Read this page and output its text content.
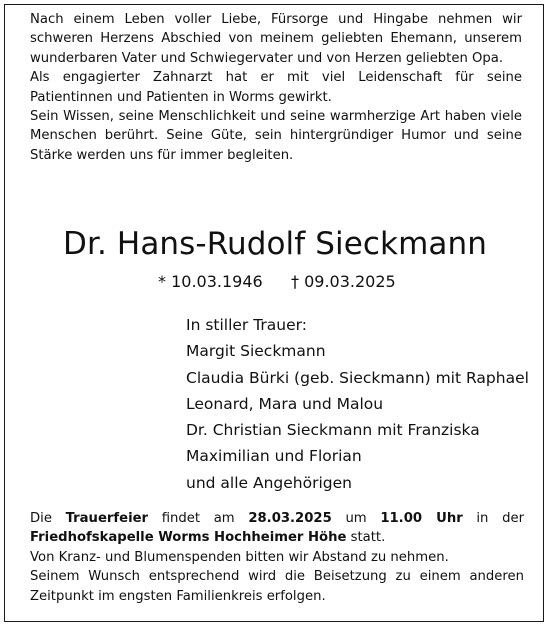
Nach einem Leben voller Liebe, Fürsorge und Hingabe nehmen wir schweren Herzens Abschied von meinem geliebten Ehemann, unserem wunderbaren Vater und Schwiegervater und von Herzen geliebten Opa.

Als engagierter Zahnarzt hat er mit viel Leidenschaft für seine Patientinnen und Patienten in Worms gewirkt.

Sein Wissen, seine Menschlichkeit und seine warmherzige Art haben viele Menschen berührt. Seine Güte, sein hintergründiger Humor und seine Stärke werden uns für immer begleiten.

Dr. Hans-Rudolf Sieckmann
* 10.03.1946 † 09.03.2025
In stiller Trauer:
Margit Sieckmann
Claudia Bürki (geb. Sieckmann) mit Raphael
Leonard, Mara und Malou
Dr. Christian Sieckmann mit Franziska
Maximilian und Florian
und alle Angehörigen
Die Trauerfeier findet am 28.03.2025 um 11.00 Uhr in der
Friedhofskapelle Worms Hochheimer Höhe statt.
Von Kranz- und Blumenspenden bitten wir Abstand zu nehmen.
Seinem Wunsch entsprechend wird die Beisetzung zu einem anderen Zeitpunkt im engsten Familienkreis erfolgen.
